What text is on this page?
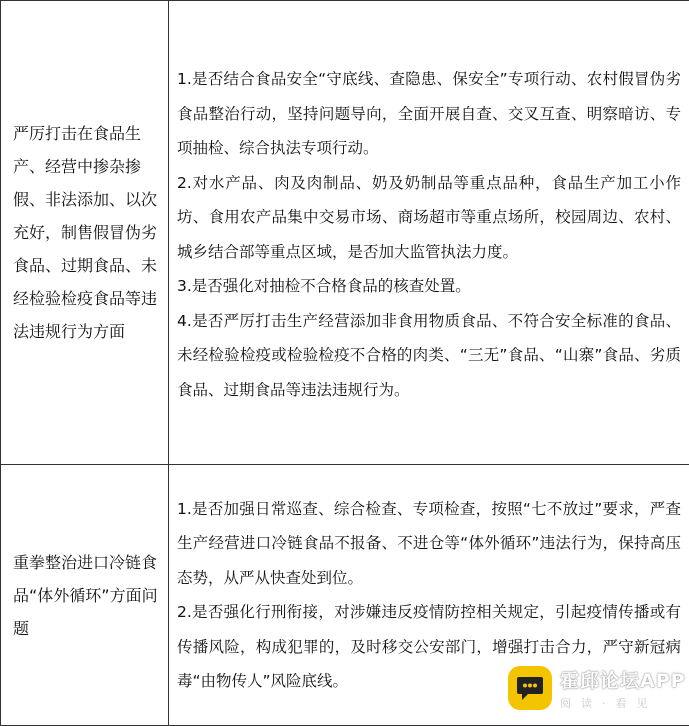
严厉打击在食品生产、经营中掺杂掺假、非法添加、以次充好，制售假冒伪劣食品、过期食品、未经检验检疫食品等违法违规行为方面	1.是否结合食品安全“守底线、查隐患、保安全”专项行动、农村假冒伪劣食品整治行动，坚持问题导向，全面开展自查、交叉互查、明察暗访、专项抽检、综合执法专项行动。

2.对水产品、肉及肉制品、奶及奶制品等重点品种，食品生产加工小作坊、食用农产品集中交易市场、商场超市等重点场所，校园周边、农村、城乡结合部等重点区域，是否加大监管执法力度。

3.是否强化对抽检不合格食品的核查处置。

4.是否严厉打击生产经营添加非食用物质食品、不符合安全标准的食品、未经检验检疫或检验检疫不合格的肉类、“三无”食品、“山寨”食品、劣质食品、过期食品等违法违规行为。

重拳整治进口冷链食品“体外循环”方面问题	1.是否加强日常巡查、综合检查、专项检查，按照“七不放过”要求，严查生产经营进口冷链食品不报备、不进仓等“体外循环”违法行为，保持高压态势，从严从快查处到位。

2.是否强化行刑衔接，对涉嫌违反疫情防控相关规定，引起疫情传播或有传播风险，构成犯罪的，及时移交公安部门，增强打击合力，严守新冠病毒“由物传人”风险底线。	霍邱论坛APP
阅读·看见
